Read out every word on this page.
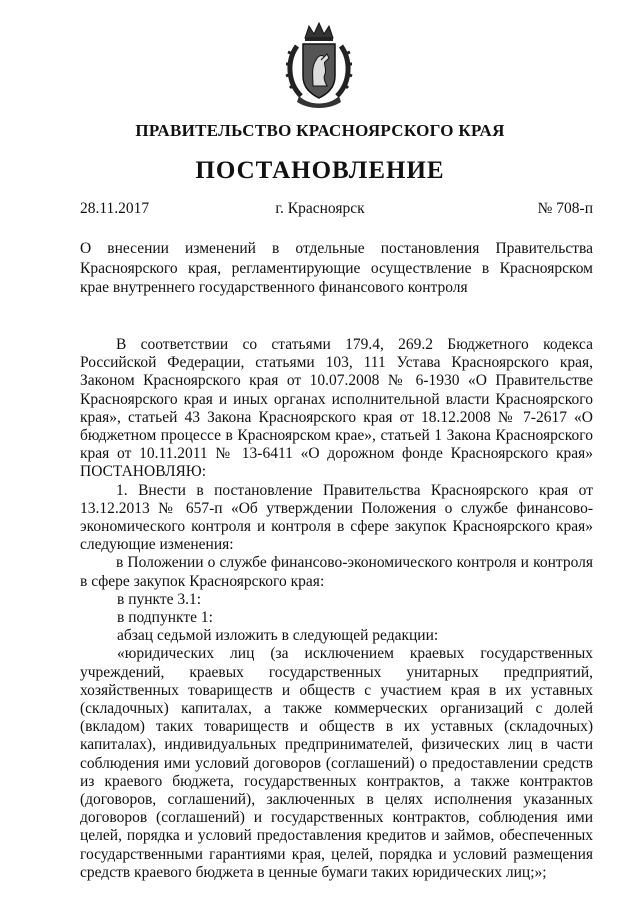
ПРАВИТЕЛЬСТВО КРАСНОЯРСКОГО КРАЯ
ПОСТАНОВЛЕНИЕ
28.11.2017	г. Красноярск	№ 708-п
О внесении изменений в отдельные постановления Правительства Красноярского края, регламентирующие осуществление в Красноярском крае внутреннего государственного финансового контроля

В соответствии со статьями 179.4, 269.2 Бюджетного кодекса Российской Федерации, статьями 103, 111 Устава Красноярского края, Законом Красноярского края от 10.07.2008 № 6-1930 «О Правительстве Красноярского края и иных органах исполнительной власти Красноярского края», статьей 43 Закона Красноярского края от 18.12.2008 № 7-2617 «О бюджетном процессе в Красноярском крае», статьей 1 Закона Красноярского края от 10.11.2011 № 13-6411 «О дорожном фонде Красноярского края» ПОСТАНОВЛЯЮ:

1. Внести в постановление Правительства Красноярского края от 13.12.2013 № 657-п «Об утверждении Положения о службе финансово-экономического контроля и контроля в сфере закупок Красноярского края» следующие изменения:

в Положении о службе финансово-экономического контроля и контроля в сфере закупок Красноярского края:

в пункте 3.1:

в подпункте 1:

абзац седьмой изложить в следующей редакции:

«юридических лиц (за исключением краевых государственных учреждений, краевых государственных унитарных предприятий, хозяйственных товариществ и обществ с участием края в их уставных (складочных) капиталах, а также коммерческих организаций с долей (вкладом) таких товариществ и обществ в их уставных (складочных) капиталах), индивидуальных предпринимателей, физических лиц в части соблюдения ими условий договоров (соглашений) о предоставлении средств из краевого бюджета, государственных контрактов, а также контрактов (договоров, соглашений), заключенных в целях исполнения указанных договоров (соглашений) и государственных контрактов, соблюдения ими целей, порядка и условий предоставления кредитов и займов, обеспеченных государственными гарантиями края, целей, порядка и условий размещения средств краевого бюджета в ценные бумаги таких юридических лиц;»;
